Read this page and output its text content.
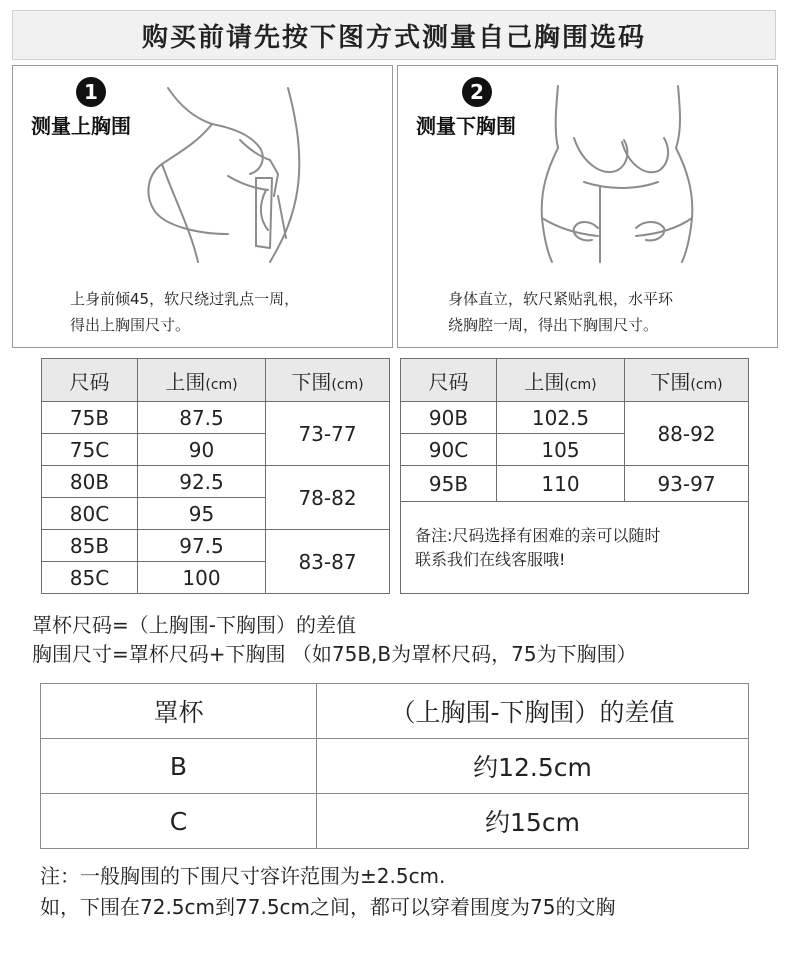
购买前请先按下图方式测量自己胸围选码
1
测量上胸围
上身前倾45，软尺绕过乳点一周，
得出上胸围尺寸。
2
测量下胸围
身体直立，软尺紧贴乳根，水平环
绕胸腔一周，得出下胸围尺寸。
尺码	上围(cm)	下围(cm)
75B	87.5	73-77
75C	90	
80B	92.5	78-82
80C	95	
85B	97.5	83-87
85C	100	
尺码	上围(cm)	下围(cm)
90B	102.5	88-92
90C	105	
95B	110	93-97

备注:尺码选择有困难的亲可以随时
联系我们在线客服哦!		
罩杯尺码=（上胸围-下胸围）的差值
胸围尺寸=罩杯尺码+下胸围 （如75B,B为罩杯尺码，75为下胸围）
罩杯	（上胸围-下胸围）的差值
B	约12.5cm
C	约15cm
注：一般胸围的下围尺寸容许范围为±2.5cm.
如，下围在72.5cm到77.5cm之间，都可以穿着围度为75的文胸
